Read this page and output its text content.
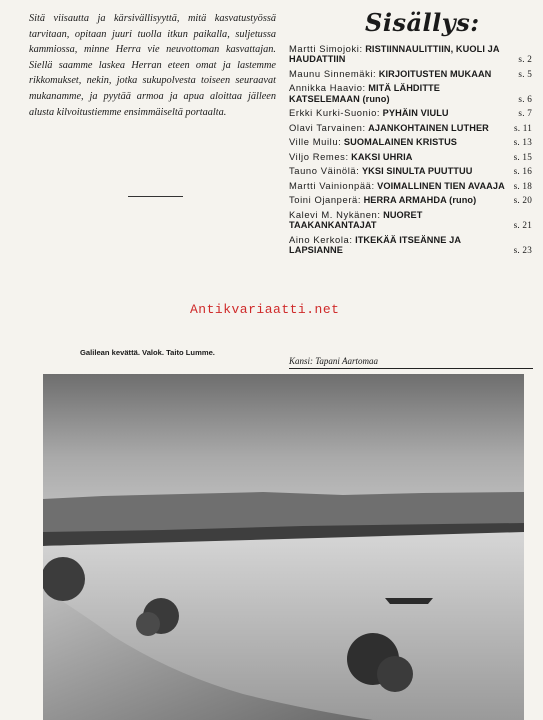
Sitä viisautta ja kärsivällisyyttä, mitä kasvatustyössä tarvitaan, opitaan juuri tuolla itkun paikalla, suljetussa kammiossa, minne Herra vie neuvottoman kasvattajan. Siellä saamme laskea Herran eteen omat ja lastemme rikkomukset, nekin, jotka sukupolvesta toiseen seuraavat mukanamme, ja pyytää armoa ja apua aloittaa jälleen alusta kilvoitustiemme ensimmäiseltä portaalta.

Sisällys:
Martti Simojoki: RISTIINNAULITTIIN, KUOLI JA HAUDATTIIN	s. 2
Maunu Sinnemäki: KIRJOITUSTEN MUKAAN	s. 5
Annikka Haavio: MITÄ LÄHDITTE KATSELEMAAN (runo)	s. 6
Erkki Kurki-Suonio: PYHÄIN VIULU	s. 7
Olavi Tarvainen: AJANKOHTAINEN LUTHER	s. 11
Ville Muilu: SUOMALAINEN KRISTUS	s. 13
Viljo Remes: KAKSI UHRIA	s. 15
Tauno Väinölä: YKSI SINULTA PUUTTUU	s. 16
Martti Vainionpää: VOIMALLINEN TIEN AVAAJA s. 18
Toini Ojanperä: HERRA ARMAHDA (runo)	s. 20
Kalevi M. Nykänen: NUORET TAAKANKANTAJAT	s. 21
Aino Kerkola: ITKEKÄÄ ITSEÄNNE JA LAPSIANNE	s. 23
Kansi: Tapani Aartomaa
Antikvariaatti.net
Galilean kevättä. Valok. Taito Lumme.
